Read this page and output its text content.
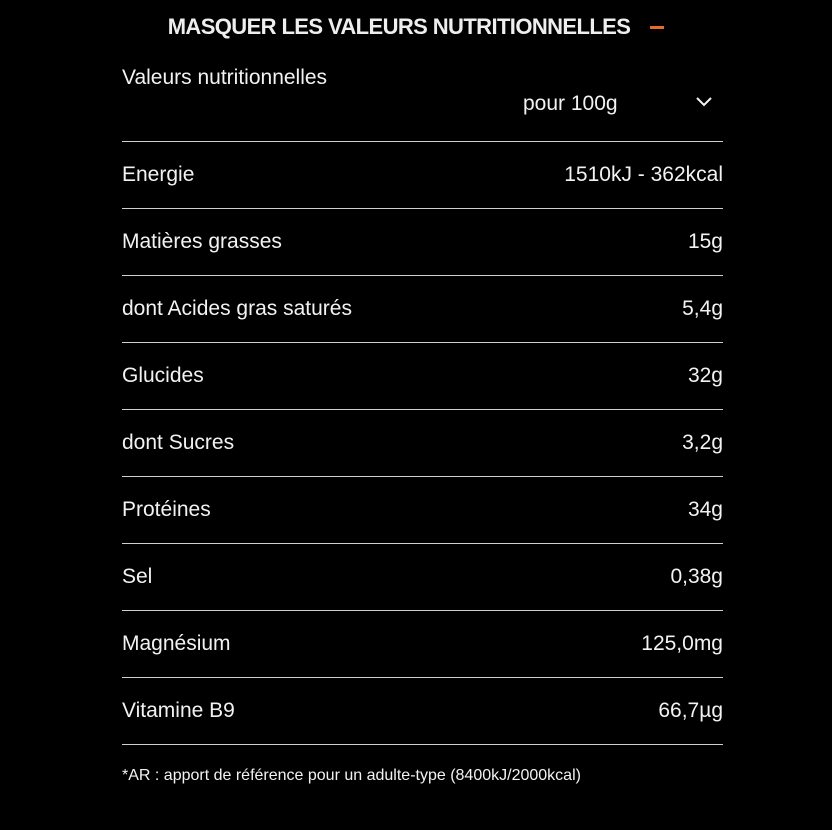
MASQUER LES VALEURS NUTRITIONNELLES
Valeurs nutritionnelles
pour 100g
Energie	1510kJ - 362kcal
Matières grasses	15g
dont Acides gras saturés	5,4g
Glucides	32g
dont Sucres	3,2g
Protéines	34g
Sel	0,38g
Magnésium	125,0mg
Vitamine B9	66,7µg
*AR : apport de référence pour un adulte-type (8400kJ/2000kcal)
